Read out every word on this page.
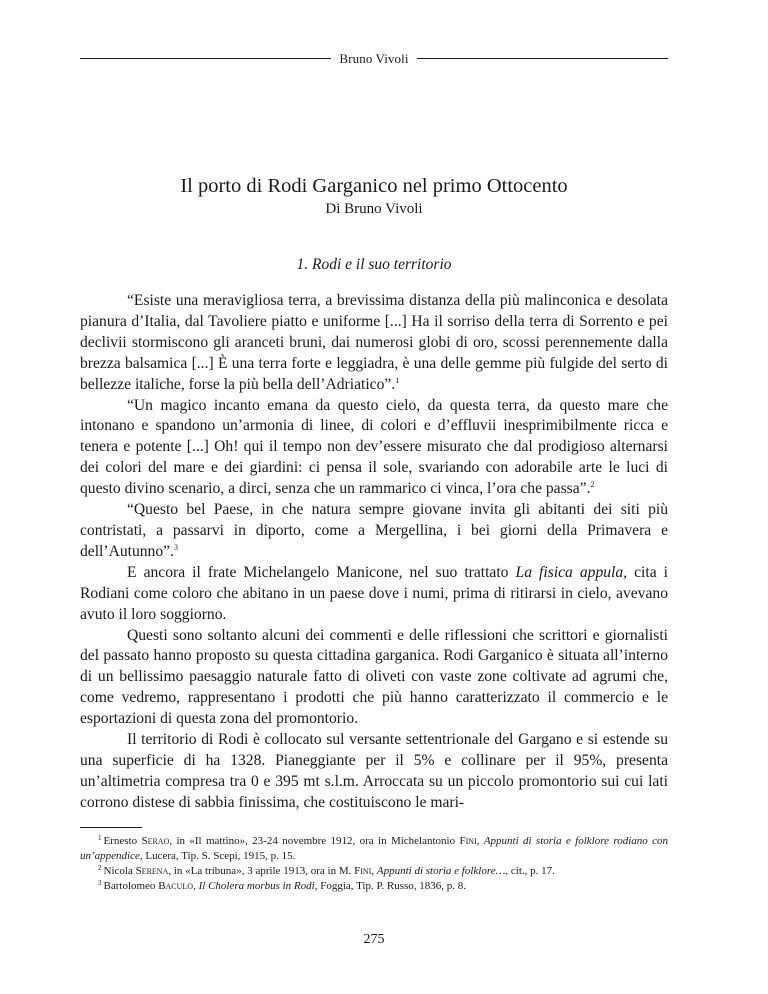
Bruno Vivoli
Il porto di Rodi Garganico nel primo Ottocento

Di Bruno Vivoli

1. Rodi e il suo territorio

“Esiste una meravigliosa terra, a brevissima distanza della più malinconica e desolata pianura d’Italia, dal Tavoliere piatto e uniforme [...] Ha il sorriso della terra di Sorrento e pei declivii stormiscono gli aranceti bruni, dai numerosi globi di oro, scossi perennemente dalla brezza balsamica [...] È una terra forte e leggiadra, è una delle gemme più fulgide del serto di bellezze italiche, forse la più bella dell’Adriatico”.$^1$

“Un magico incanto emana da questo cielo, da questa terra, da questo mare che intonano e spandono un’armonia di linee, di colori e d’effluvii inesprimibilmente ricca e tenera e potente [...] Oh! qui il tempo non dev’essere misurato che dal prodigioso alternarsi dei colori del mare e dei giardini: ci pensa il sole, svariando con adorabile arte le luci di questo divino scenario, a dirci, senza che un rammarico ci vinca, l’ora che passa”.$^2$

“Questo bel Paese, in che natura sempre giovane invita gli abitanti dei siti più contristati, a passarvi in diporto, come a Mergellina, i bei giorni della Primavera e dell’Autunno”.$^3$

E ancora il frate Michelangelo Manicone, nel suo trattato La fisica appula, cita i Rodiani come coloro che abitano in un paese dove i numi, prima di ritirarsi in cielo, avevano avuto il loro soggiorno.

Questi sono soltanto alcuni dei commenti e delle riflessioni che scrittori e giornalisti del passato hanno proposto su questa cittadina garganica. Rodi Garganico è situata all’interno di un bellissimo paesaggio naturale fatto di oliveti con vaste zone coltivate ad agrumi che, come vedremo, rappresentano i prodotti che più hanno caratterizzato il commercio e le esportazioni di questa zona del promontorio.

Il territorio di Rodi è collocato sul versante settentrionale del Gargano e si estende su una superficie di ha 1328. Pianeggiante per il 5% e collinare per il 95%, presenta un’altimetria compresa tra 0 e 395 mt s.l.m. Arroccata su un piccolo promontorio sui cui lati corrono distese di sabbia finissima, che costituiscono le mari-

$^1$ Ernesto Serao, in «Il mattino», 23-24 novembre 1912, ora in Michelantonio Fini, Appunti di storia e folklore rodiano con un’appendice, Lucera, Tip. S. Scepi, 1915, p. 15.

$^2$ Nicola Serena, in «La tribuna», 3 aprile 1913, ora in M. Fini, Appunti di storia e folklore…, cit., p. 17.

$^3$ Bartolomeo Baculo, Il Cholera morbus in Rodi, Foggia, Tip. P. Russo, 1836, p. 8.

275
